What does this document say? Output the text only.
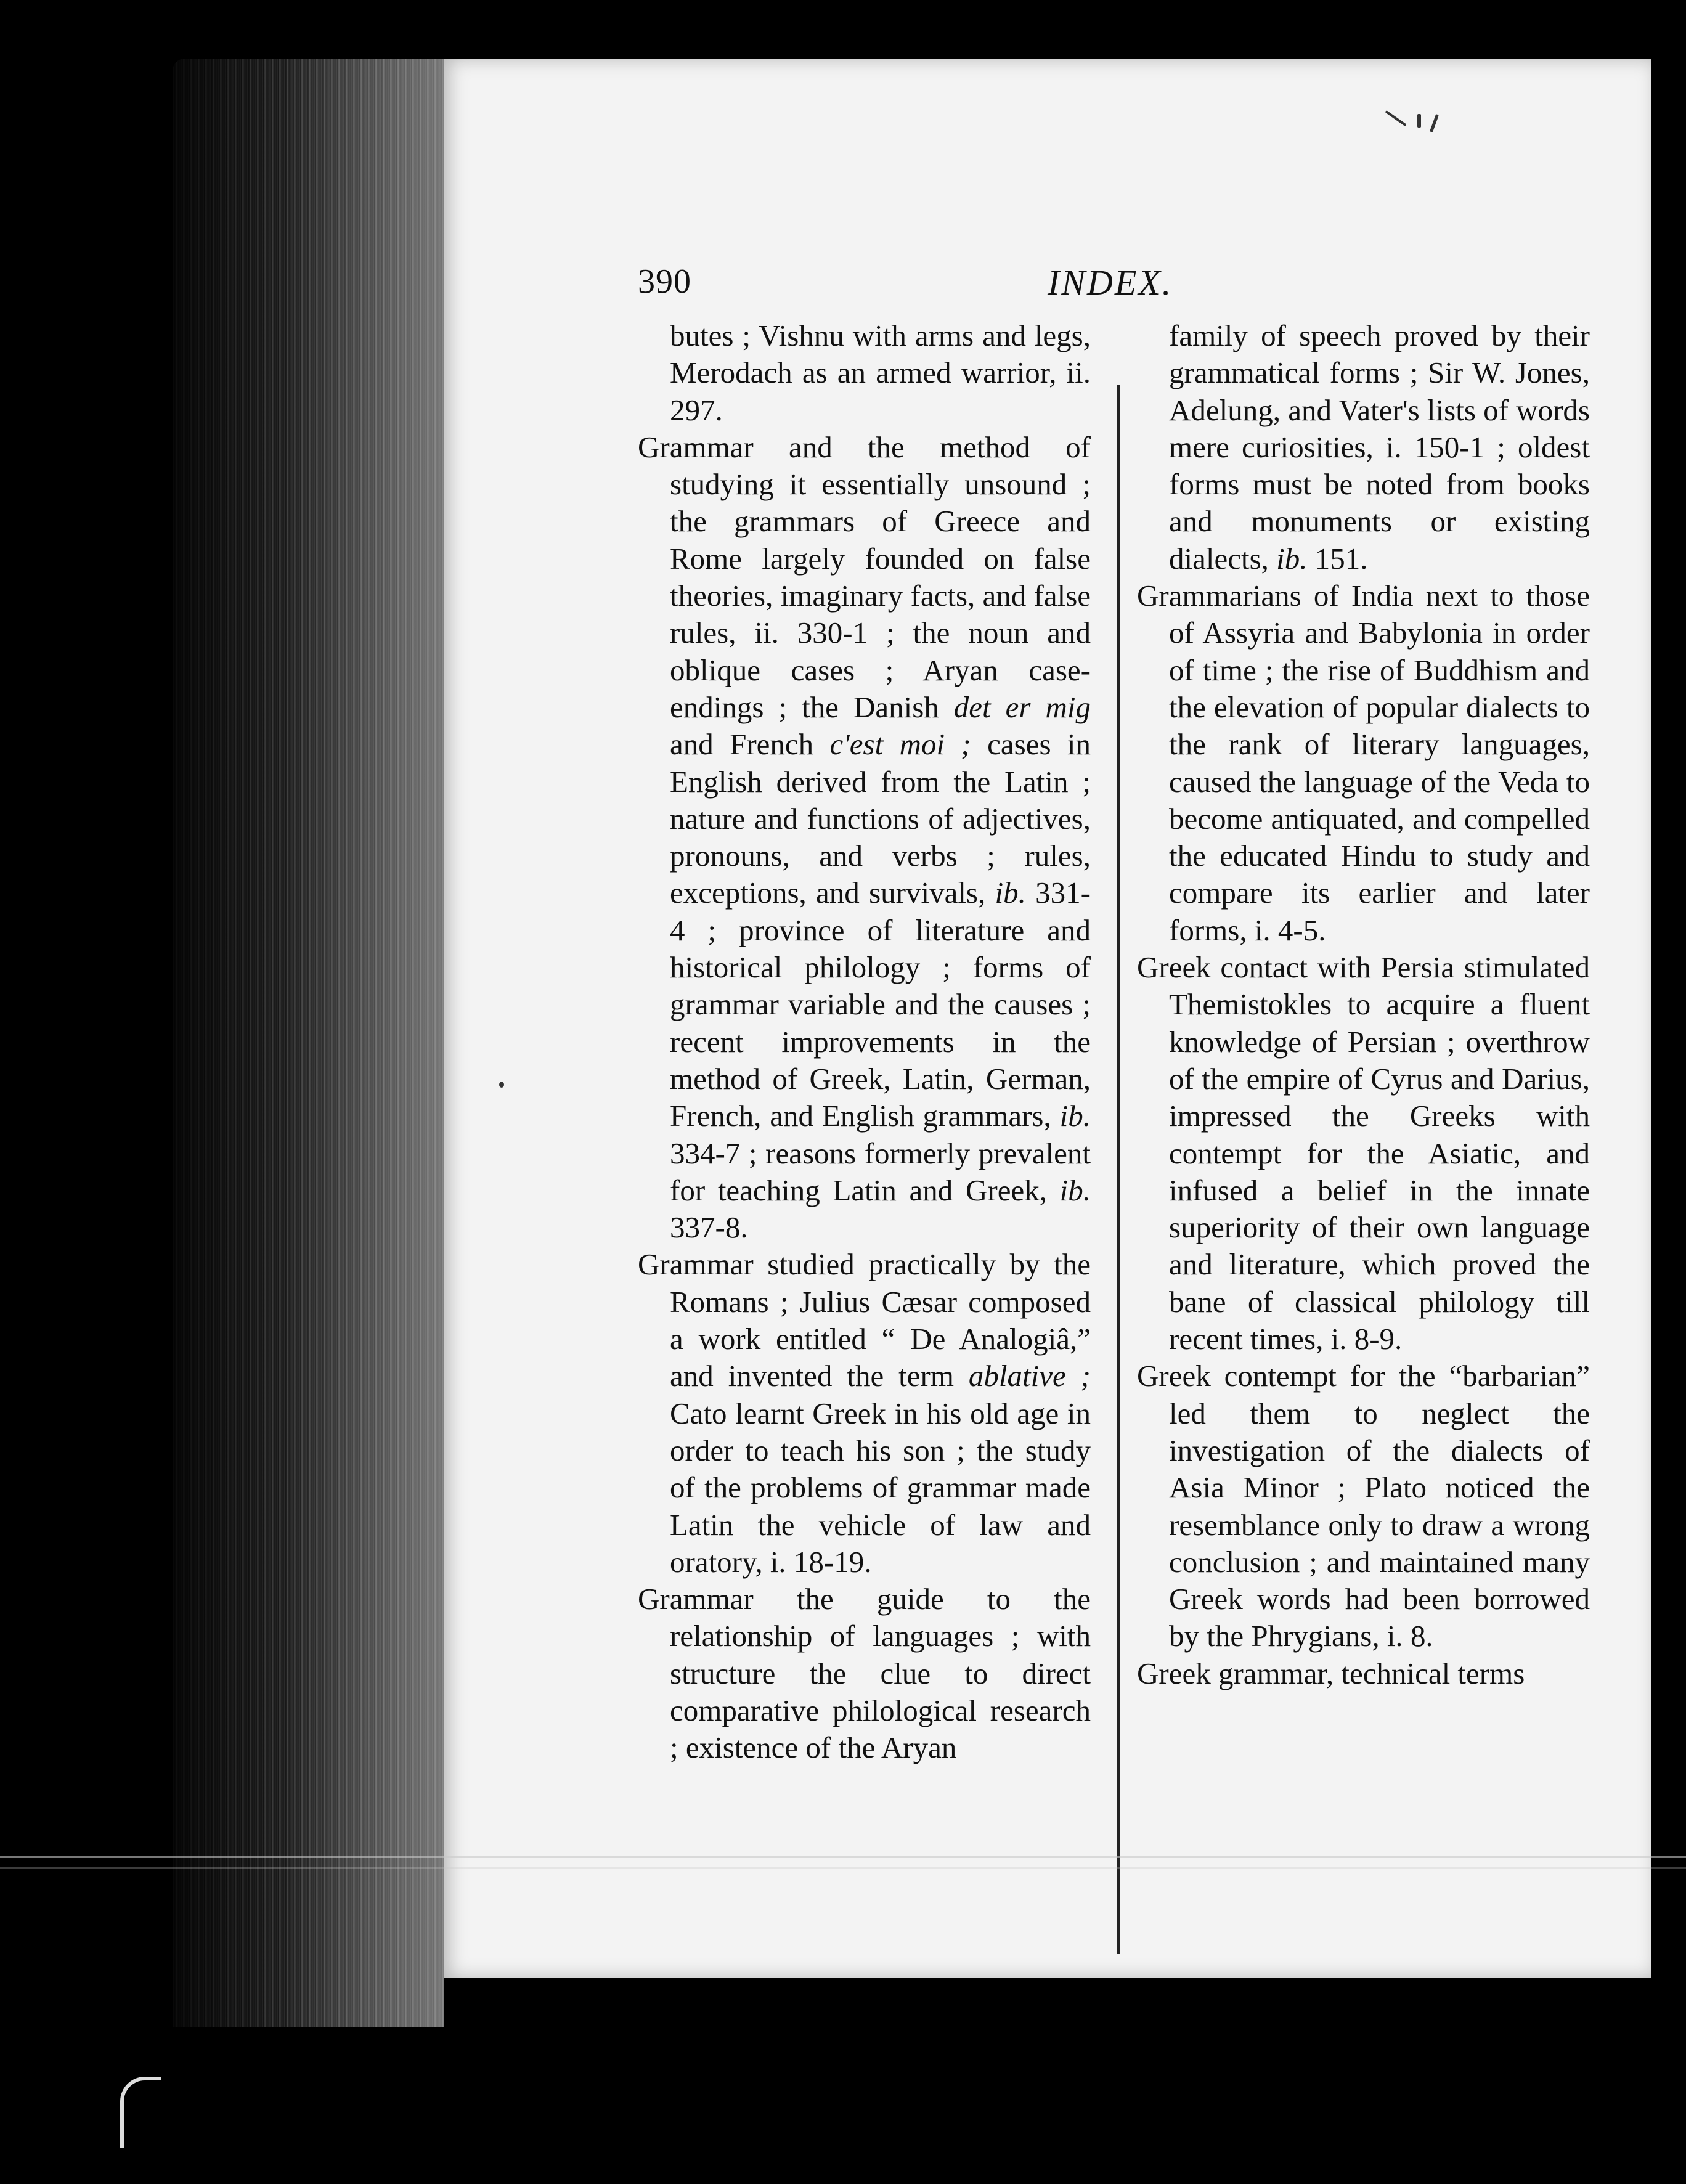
390	INDEX.

butes ; Vishnu with arms and legs, Merodach as an armed warrior, ii. 297.

Grammar and the method of studying it essentially unsound ; the grammars of Greece and Rome largely founded on false theories, imaginary facts, and false rules, ii. 330-1 ; the noun and oblique cases ; Aryan case-endings ; the Danish det er mig and French c'est moi ; cases in English derived from the Latin ; nature and functions of adjectives, pronouns, and verbs ; rules, exceptions, and survivals, ib. 331-4 ; province of literature and historical philology ; forms of grammar variable and the causes ; recent improvements in the method of Greek, Latin, German, French, and English grammars, ib. 334-7 ; reasons formerly prevalent for teaching Latin and Greek, ib. 337-8.

Grammar studied practically by the Romans ; Julius Cæsar composed a work entitled “ De Analogiâ,” and invented the term ablative ; Cato learnt Greek in his old age in order to teach his son ; the study of the problems of grammar made Latin the vehicle of law and oratory, i. 18-19.

Grammar the guide to the relationship of languages ; with structure the clue to direct comparative philological research ; existence of the Aryan

family of speech proved by their grammatical forms ; Sir W. Jones, Adelung, and Vater's lists of words mere curiosities, i. 150-1 ; oldest forms must be noted from books and monuments or existing dialects, ib. 151.

Grammarians of India next to those of Assyria and Babylonia in order of time ; the rise of Buddhism and the elevation of popular dialects to the rank of literary languages, caused the language of the Veda to become antiquated, and compelled the educated Hindu to study and compare its earlier and later forms, i. 4-5.

Greek contact with Persia stimulated Themistokles to acquire a fluent knowledge of Persian ; overthrow of the empire of Cyrus and Darius, impressed the Greeks with contempt for the Asiatic, and infused a belief in the innate superiority of their own language and literature, which proved the bane of classical philology till recent times, i. 8-9.

Greek contempt for the “barbarian” led them to neglect the investigation of the dialects of Asia Minor ; Plato noticed the resemblance only to draw a wrong conclusion ; and maintained many Greek words had been borrowed by the Phrygians, i. 8.

Greek grammar, technical terms
